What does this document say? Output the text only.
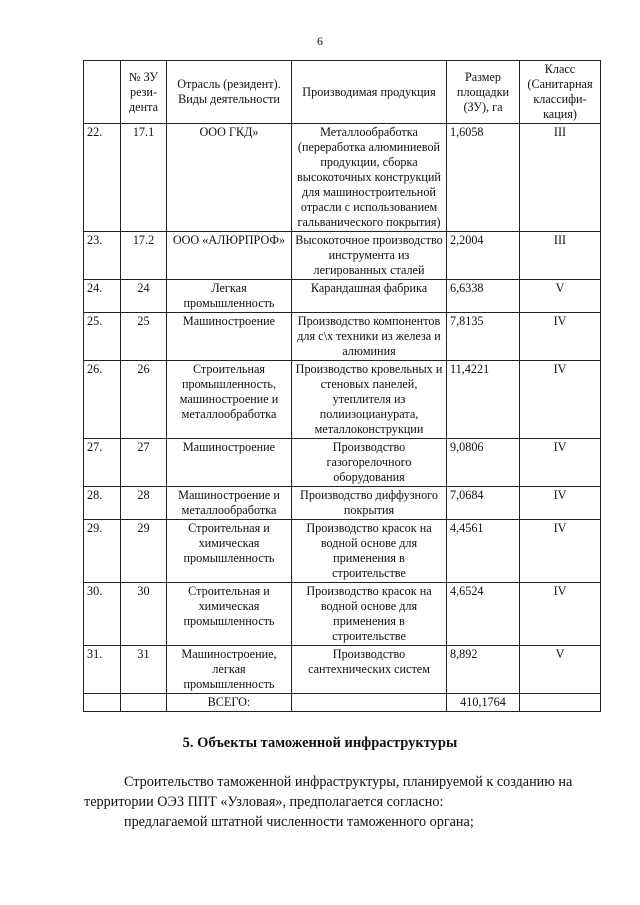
6
	№ ЗУ рези-дента	Отрасль (резидент). Виды деятельности	Производимая продукция	Размер площадки (ЗУ), га	Класс (Санитарная классифи-кация)
22.	17.1	ООО ГКД»	Металлообработка (переработка алюминиевой продукции, сборка высокоточных конструкций для машиностроительной отрасли с использованием гальванического покрытия)	1,6058	III
23.	17.2	ООО «АЛЮРПРОФ»	Высокоточное производство инструмента из легированных сталей	2,2004	III
24.	24	Легкая промышленность	Карандашная фабрика	6,6338	V
25.	25	Машиностроение	Производство компонентов для с\х техники из железа и алюминия	7,8135	IV
26.	26	Строительная промышленность, машиностроение и металлообработка	Производство кровельных и стеновых панелей, утеплителя из полиизоцианурата, металлоконструкции	11,4221	IV
27.	27	Машиностроение	Производство газогорелочного оборудования	9,0806	IV
28.	28	Машиностроение и металлообработка	Производство диффузного покрытия	7,0684	IV
29.	29	Строительная и химическая промышленность	Производство красок на водной основе для применения в строительстве	4,4561	IV
30.	30	Строительная и химическая промышленность	Производство красок на водной основе для применения в строительстве	4,6524	IV
31.	31	Машиностроение, легкая промышленность	Производство сантехнических систем	8,892	V
		ВСЕГО:		410,1764	
5. Объекты таможенной инфраструктуры
Строительство таможенной инфраструктуры, планируемой к созданию на территории ОЭЗ ППТ «Узловая», предполагается согласно:
предлагаемой штатной численности таможенного органа;
